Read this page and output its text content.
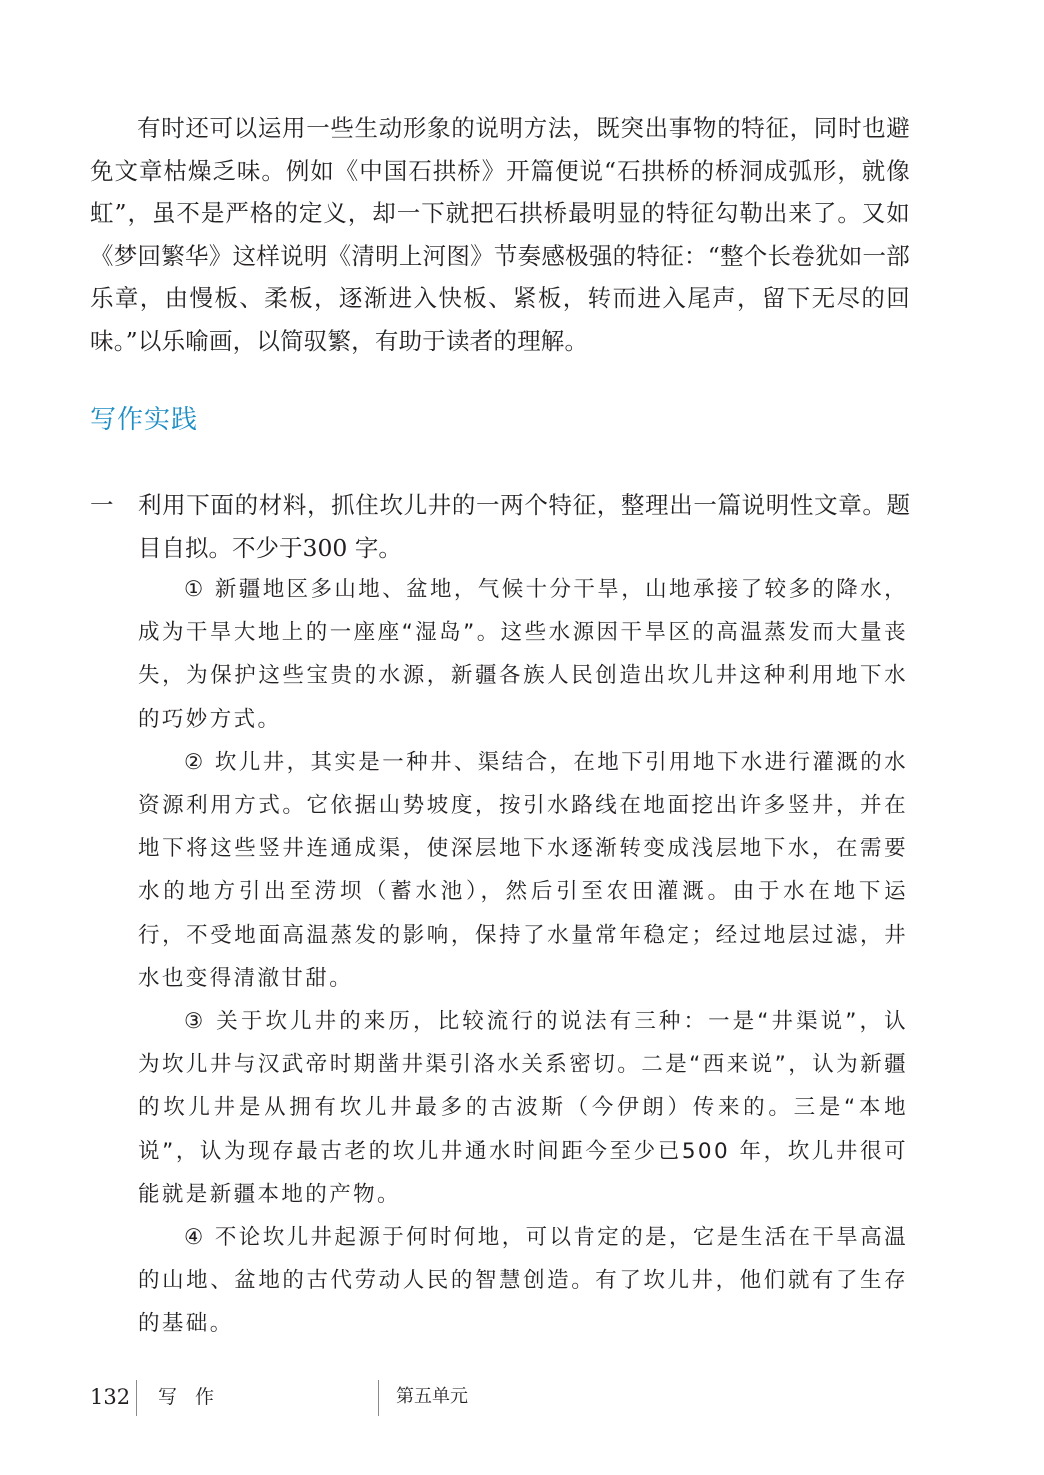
有时还可以运用一些生动形象的说明方法，既突出事物的特征，同时也避免文章枯燥乏味。例如《中国石拱桥》开篇便说“石拱桥的桥洞成弧形，就像虹”，虽不是严格的定义，却一下就把石拱桥最明显的特征勾勒出来了。又如《梦回繁华》这样说明《清明上河图》节奏感极强的特征：“整个长卷犹如一部乐章，由慢板、柔板，逐渐进入快板、紧板，转而进入尾声，留下无尽的回味。”以乐喻画，以简驭繁，有助于读者的理解。

写作实践
一 利用下面的材料，抓住坎儿井的一两个特征，整理出一篇说明性文章。题目自拟。不少于300 字。

① 新疆地区多山地、盆地，气候十分干旱，山地承接了较多的降水，成为干旱大地上的一座座“湿岛”。这些水源因干旱区的高温蒸发而大量丧失，为保护这些宝贵的水源，新疆各族人民创造出坎儿井这种利用地下水的巧妙方式。

② 坎儿井，其实是一种井、渠结合，在地下引用地下水进行灌溉的水资源利用方式。它依据山势坡度，按引水路线在地面挖出许多竖井，并在地下将这些竖井连通成渠，使深层地下水逐渐转变成浅层地下水，在需要水的地方引出至涝坝（蓄水池），然后引至农田灌溉。由于水在地下运行，不受地面高温蒸发的影响，保持了水量常年稳定；经过地层过滤，井水也变得清澈甘甜。

③ 关于坎儿井的来历，比较流行的说法有三种：一是“井渠说”，认为坎儿井与汉武帝时期凿井渠引洛水关系密切。二是“西来说”，认为新疆的坎儿井是从拥有坎儿井最多的古波斯（今伊朗）传来的。三是“本地说”，认为现存最古老的坎儿井通水时间距今至少已500 年，坎儿井很可能就是新疆本地的产物。

④ 不论坎儿井起源于何时何地，可以肯定的是，它是生活在干旱高温的山地、盆地的古代劳动人民的智慧创造。有了坎儿井，他们就有了生存的基础。

132 写 作	第五单元
